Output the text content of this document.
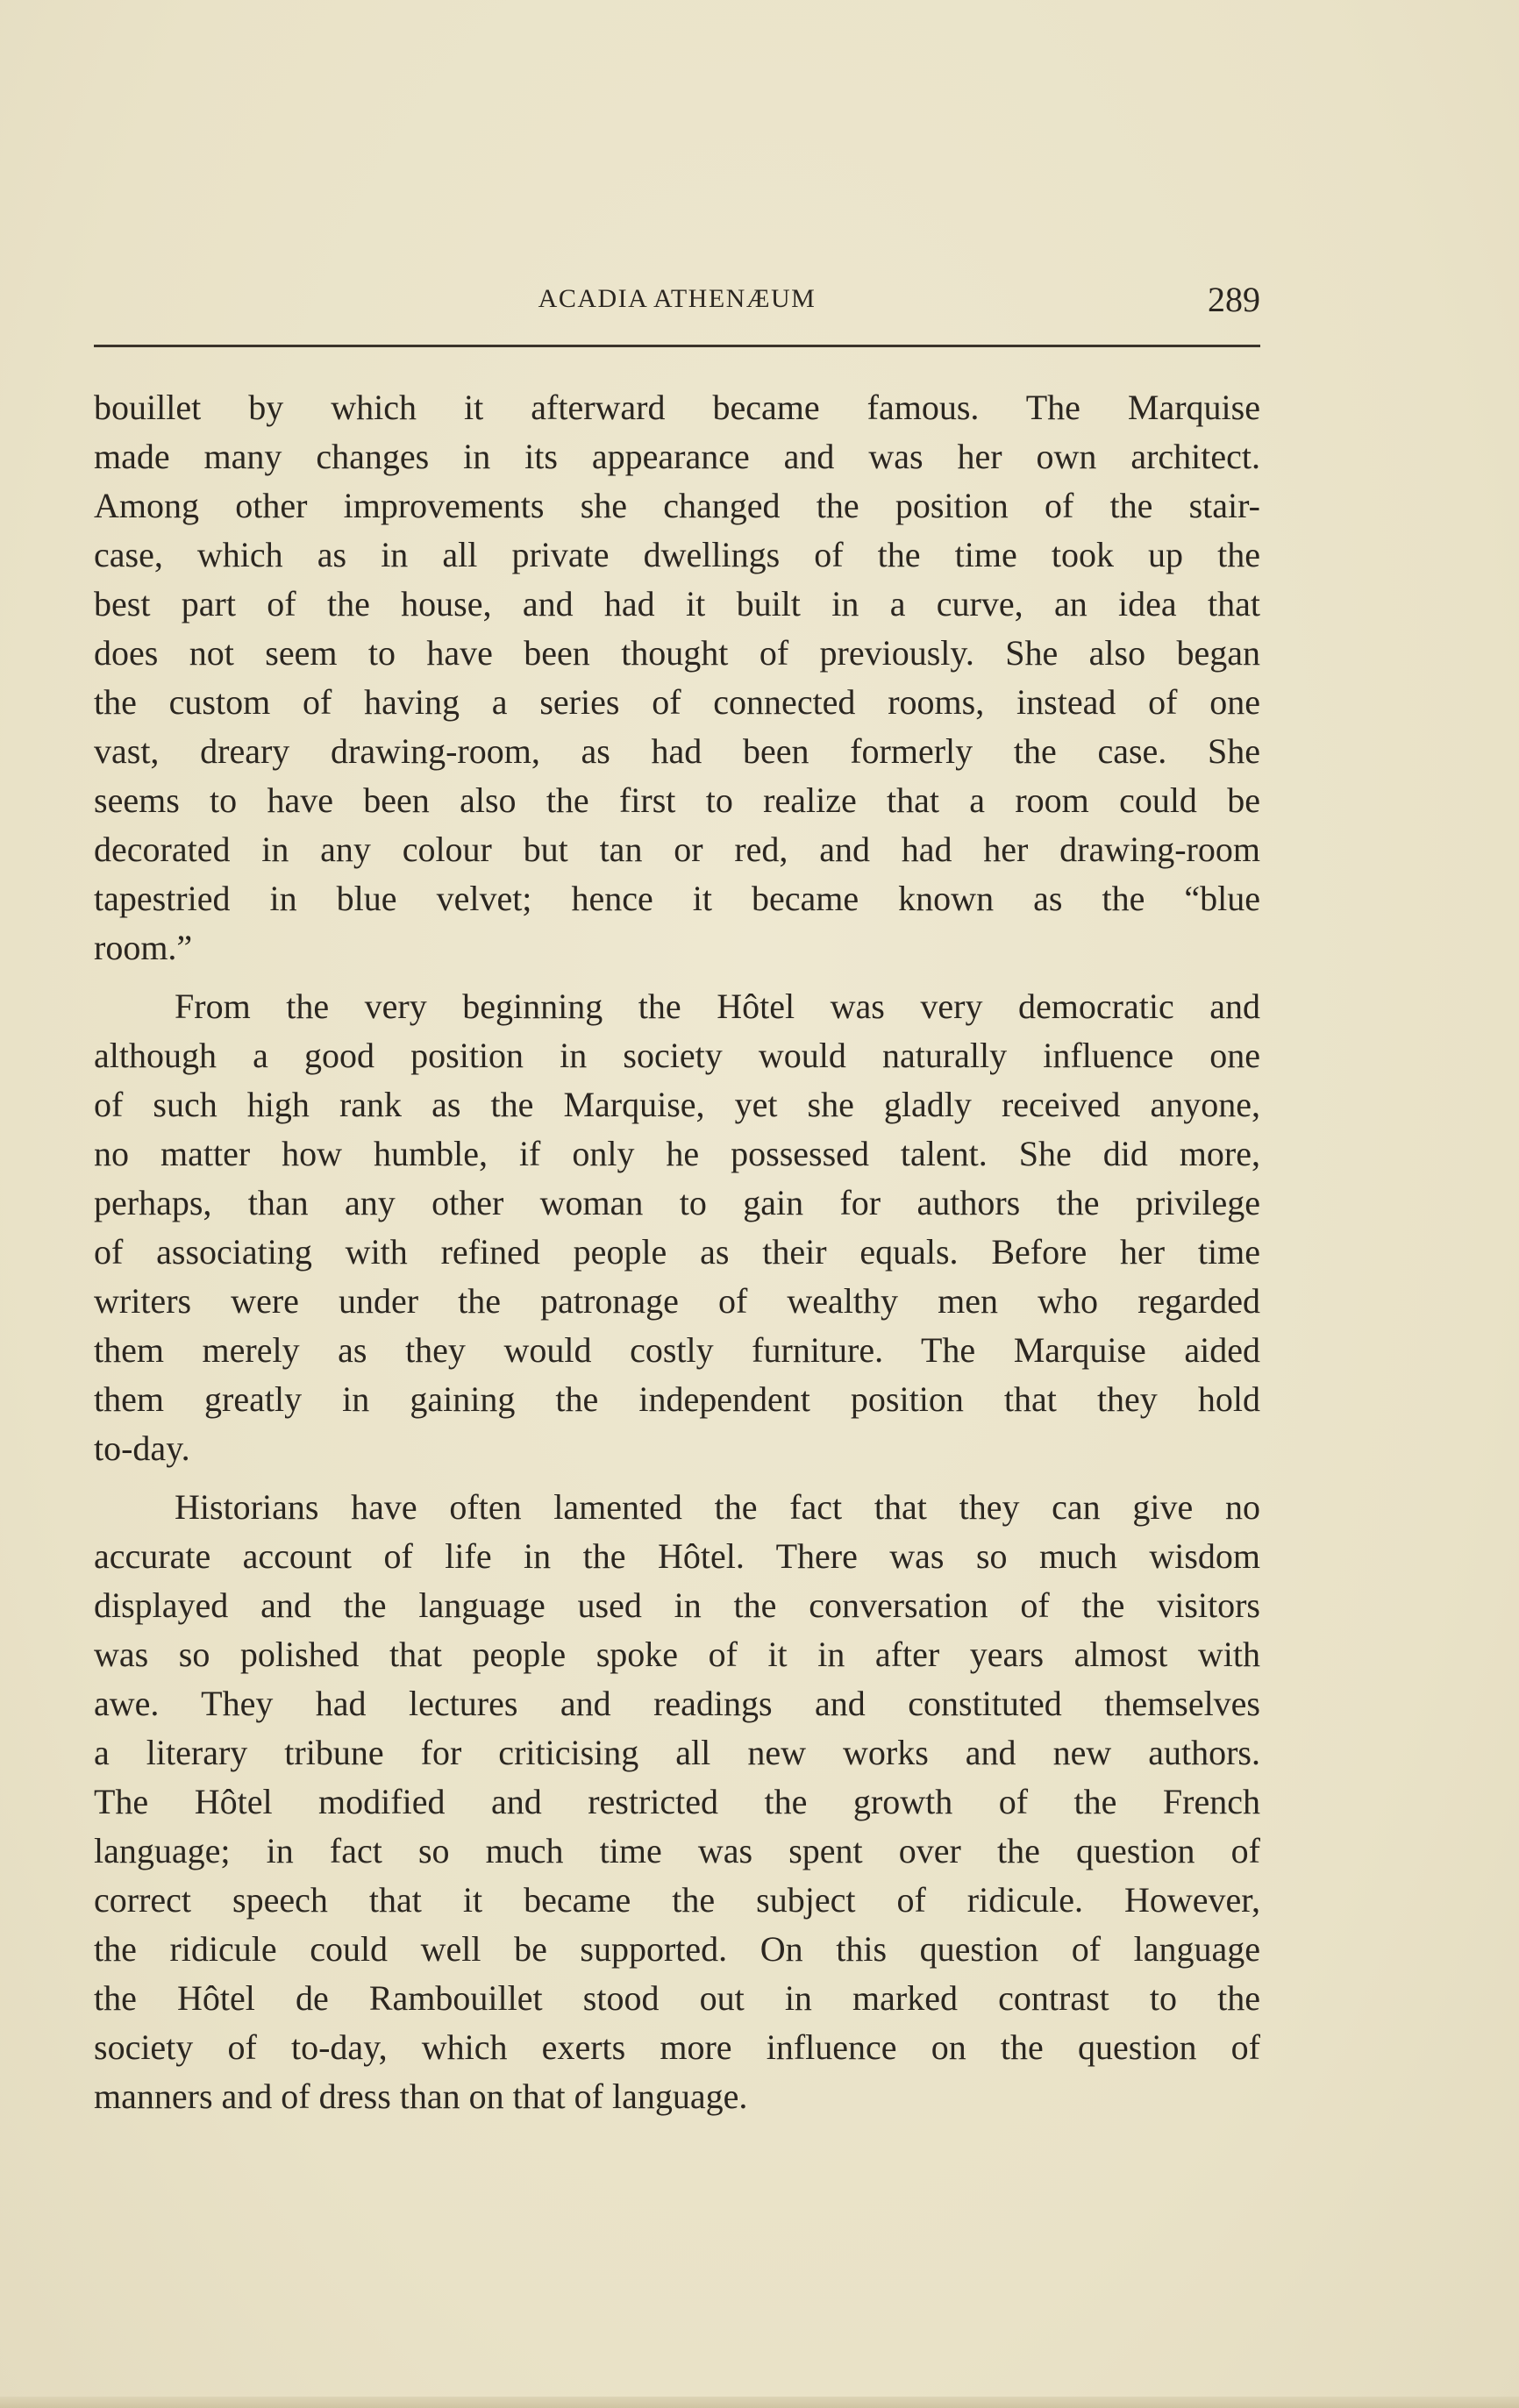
ACADIA ATHENÆUM	289
bouillet by which it afterward became famous. The Marquise
made many changes in its appearance and was her own architect.
Among other improvements she changed the position of the stair-
case, which as in all private dwellings of the time took up the
best part of the house, and had it built in a curve, an idea that
does not seem to have been thought of previously. She also began
the custom of having a series of connected rooms, instead of one
vast, dreary drawing-room, as had been formerly the case. She
seems to have been also the first to realize that a room could be
decorated in any colour but tan or red, and had her drawing-room
tapestried in blue velvet; hence it became known as the “blue
room.”
From the very beginning the Hôtel was very democratic and
although a good position in society would naturally influence one
of such high rank as the Marquise, yet she gladly received anyone,
no matter how humble, if only he possessed talent. She did more,
perhaps, than any other woman to gain for authors the privilege
of associating with refined people as their equals. Before her time
writers were under the patronage of wealthy men who regarded
them merely as they would costly furniture. The Marquise aided
them greatly in gaining the independent position that they hold
to-day.
Historians have often lamented the fact that they can give no
accurate account of life in the Hôtel. There was so much wisdom
displayed and the language used in the conversation of the visitors
was so polished that people spoke of it in after years almost with
awe. They had lectures and readings and constituted themselves
a literary tribune for criticising all new works and new authors.
The Hôtel modified and restricted the growth of the French
language; in fact so much time was spent over the question of
correct speech that it became the subject of ridicule. However,
the ridicule could well be supported. On this question of language
the Hôtel de Rambouillet stood out in marked contrast to the
society of to-day, which exerts more influence on the question of
manners and of dress than on that of language.
